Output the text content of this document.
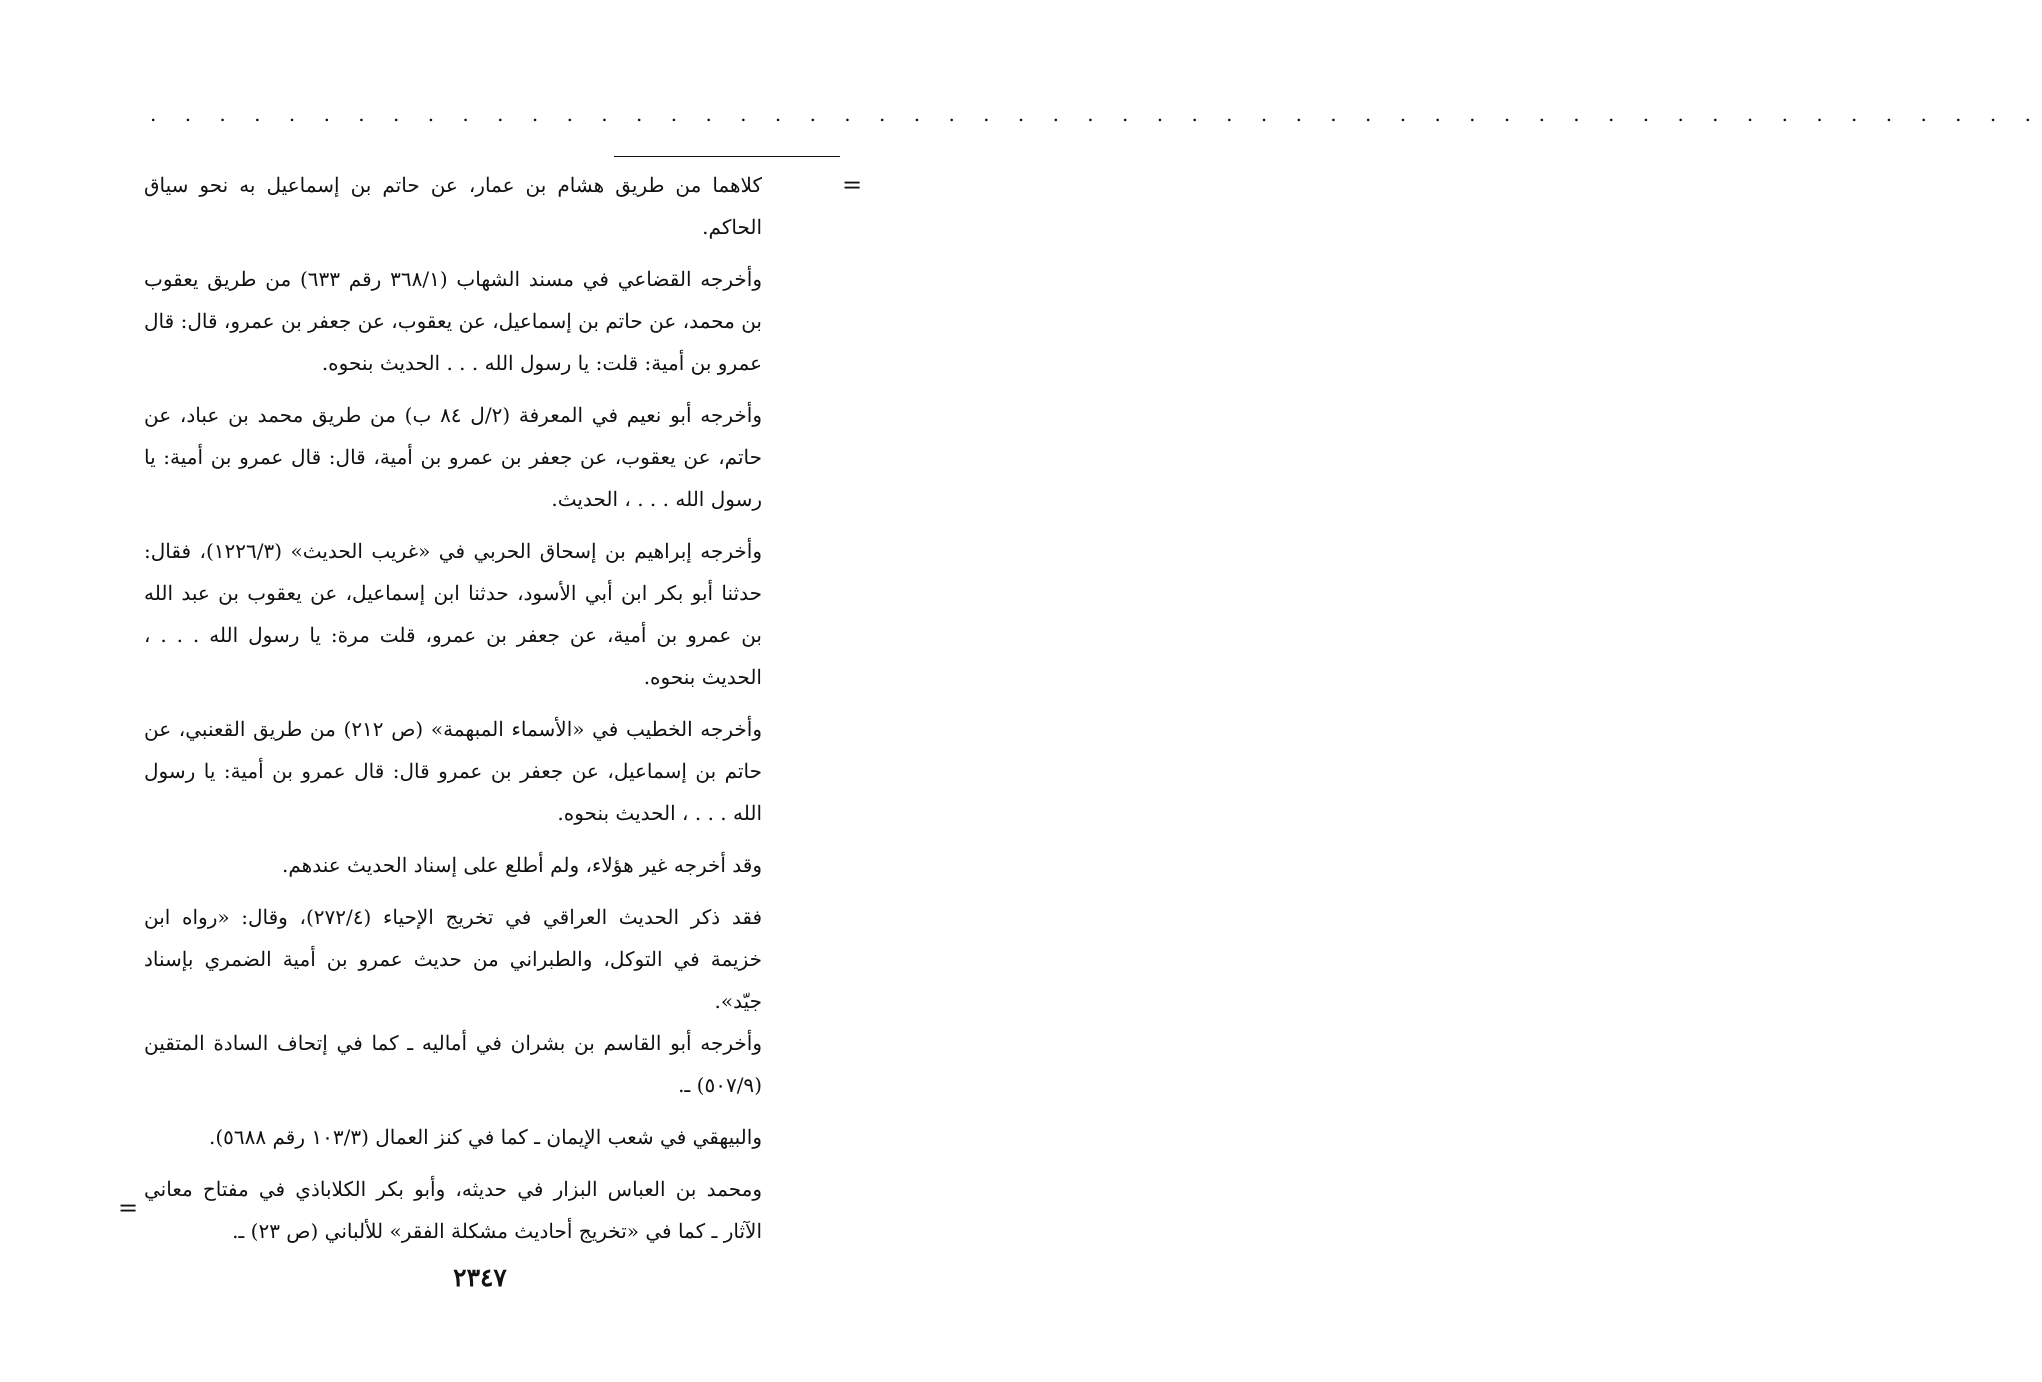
. . . . . . . . . . . . . . . . . . . . . . . . . . . . . . . . . . . . . . . . . . . . . . . . . . . . . . .
=

كلاهما من طريق هشام بن عمار، عن حاتم بن إسماعيل به نحو سياق الحاكم.

وأخرجه القضاعي في مسند الشهاب (٣٦٨/١ رقم ٦٣٣) من طريق يعقوب بن محمد، عن حاتم بن إسماعيل، عن يعقوب، عن جعفر بن عمرو، قال: قال عمرو بن أمية: قلت: يا رسول الله . . . الحديث بنحوه.

وأخرجه أبو نعيم في المعرفة (٢/ل ٨٤ ب) من طريق محمد بن عباد، عن حاتم، عن يعقوب، عن جعفر بن عمرو بن أمية، قال: قال عمرو بن أمية: يا رسول الله . . . ، الحديث.

وأخرجه إبراهيم بن إسحاق الحربي في «غريب الحديث» (١٢٢٦/٣)، فقال: حدثنا أبو بكر ابن أبي الأسود، حدثنا ابن إسماعيل، عن يعقوب بن عبد الله بن عمرو بن أمية، عن جعفر بن عمرو، قلت مرة: يا رسول الله . . . ، الحديث بنحوه.

وأخرجه الخطيب في «الأسماء المبهمة» (ص ٢١٢) من طريق القعنبي، عن حاتم بن إسماعيل، عن جعفر بن عمرو قال: قال عمرو بن أمية: يا رسول الله . . . ، الحديث بنحوه.

وقد أخرجه غير هؤلاء، ولم أطلع على إسناد الحديث عندهم.

فقد ذكر الحديث العراقي في تخريج الإحياء (٢٧٢/٤)، وقال: «رواه ابن خزيمة في التوكل، والطبراني من حديث عمرو بن أمية الضمري بإسناد جيّد».

وأخرجه أبو القاسم بن بشران في أماليه ـ كما في إتحاف السادة المتقين (٥٠٧/٩) ـ.

والبيهقي في شعب الإيمان ـ كما في كنز العمال (١٠٣/٣ رقم ٥٦٨٨).

ومحمد بن العباس البزار في حديثه، وأبو بكر الكلاباذي في مفتاح معاني الآثار ـ كما في «تخريج أحاديث مشكلة الفقر» للألباني (ص ٢٣) ـ.

=
٢٣٤٧
